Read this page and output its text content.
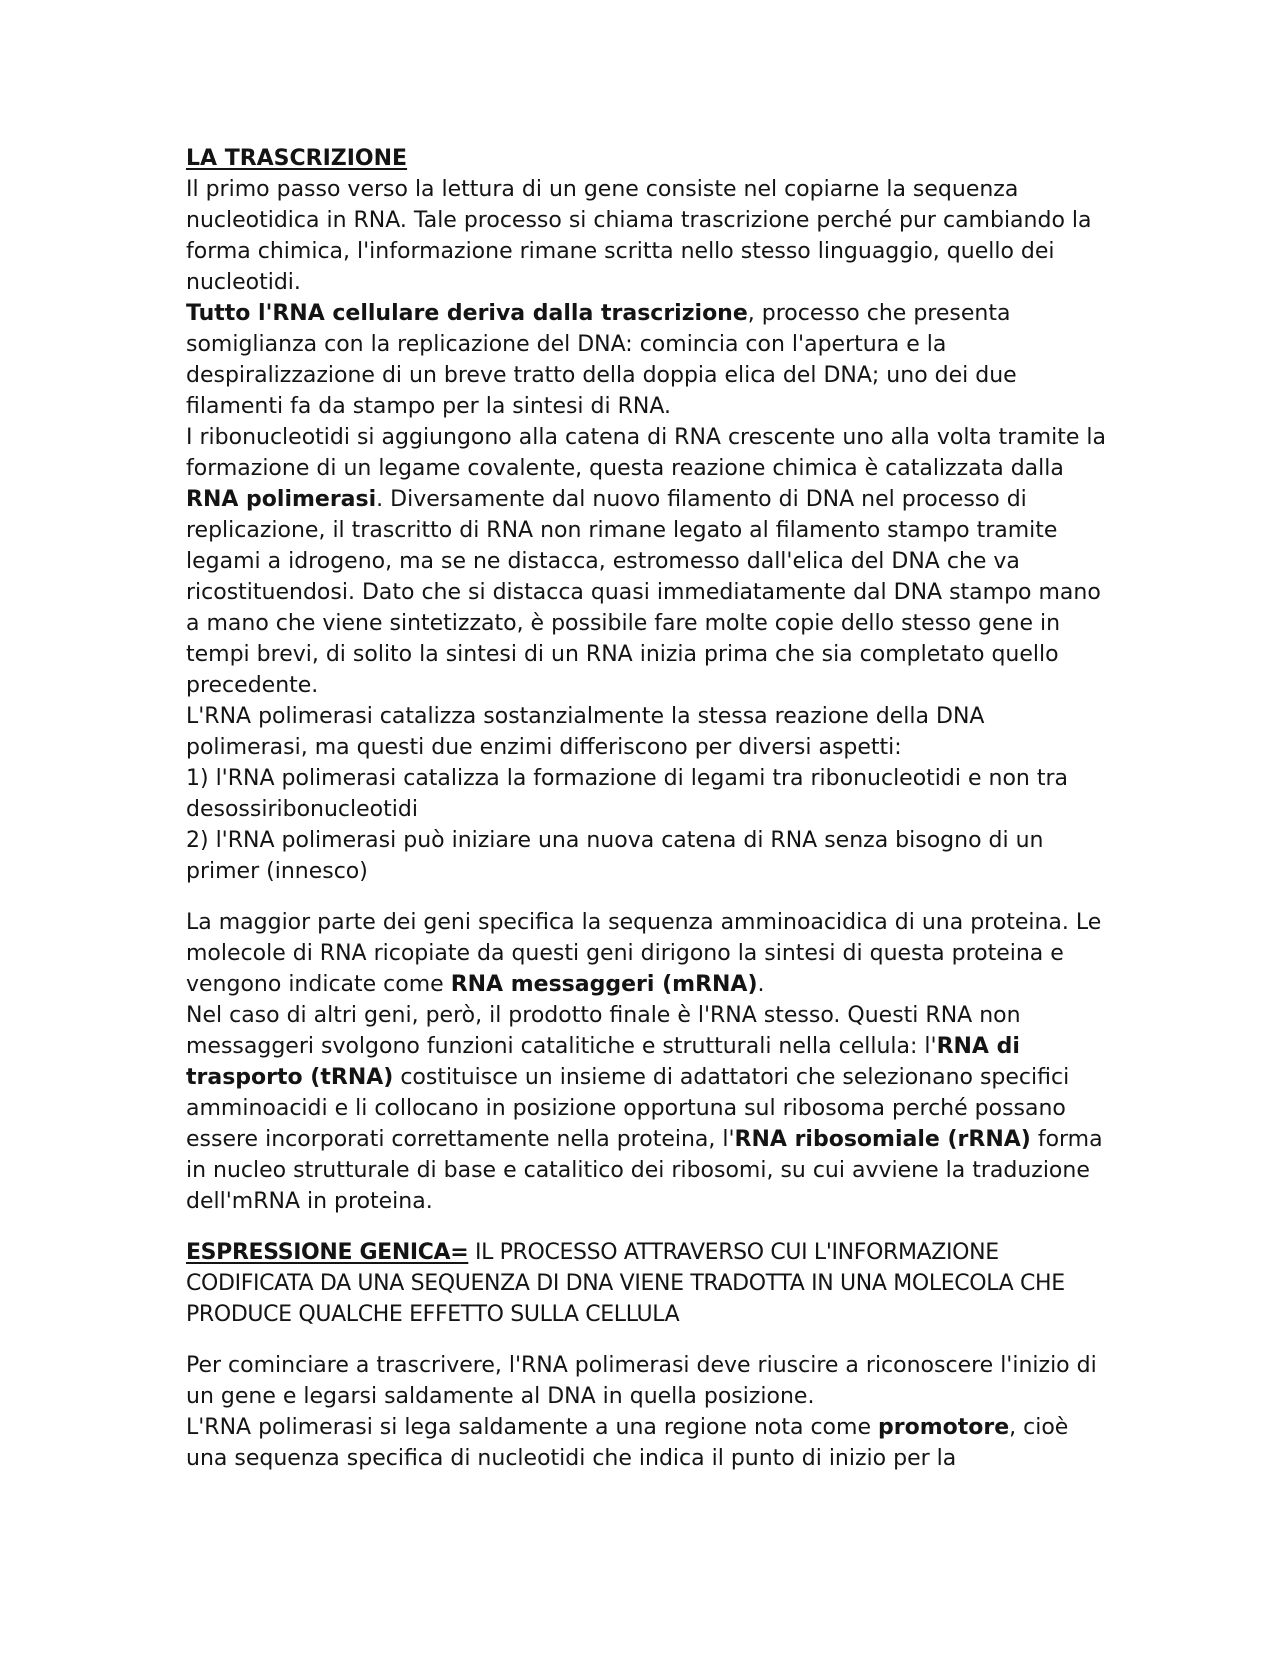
LA TRASCRIZIONE

Il primo passo verso la lettura di un gene consiste nel copiarne la sequenza nucleotidica in RNA. Tale processo si chiama trascrizione perché pur cambiando la forma chimica, l'informazione rimane scritta nello stesso linguaggio, quello dei nucleotidi.

Tutto l'RNA cellulare deriva dalla trascrizione, processo che presenta somiglianza con la replicazione del DNA: comincia con l'apertura e la despiralizzazione di un breve tratto della doppia elica del DNA; uno dei due filamenti fa da stampo per la sintesi di RNA.

I ribonucleotidi si aggiungono alla catena di RNA crescente uno alla volta tramite la formazione di un legame covalente, questa reazione chimica è catalizzata dalla RNA polimerasi. Diversamente dal nuovo filamento di DNA nel processo di replicazione, il trascritto di RNA non rimane legato al filamento stampo tramite legami a idrogeno, ma se ne distacca, estromesso dall'elica del DNA che va ricostituendosi. Dato che si distacca quasi immediatamente dal DNA stampo mano a mano che viene sintetizzato, è possibile fare molte copie dello stesso gene in tempi brevi, di solito la sintesi di un RNA inizia prima che sia completato quello precedente.

L'RNA polimerasi catalizza sostanzialmente la stessa reazione della DNA polimerasi, ma questi due enzimi differiscono per diversi aspetti:

1) l'RNA polimerasi catalizza la formazione di legami tra ribonucleotidi e non tra desossiribonucleotidi

2) l'RNA polimerasi può iniziare una nuova catena di RNA senza bisogno di un primer (innesco)

La maggior parte dei geni specifica la sequenza amminoacidica di una proteina. Le molecole di RNA ricopiate da questi geni dirigono la sintesi di questa proteina e vengono indicate come RNA messaggeri (mRNA).

Nel caso di altri geni, però, il prodotto finale è l'RNA stesso. Questi RNA non messaggeri svolgono funzioni catalitiche e strutturali nella cellula: l'RNA di trasporto (tRNA) costituisce un insieme di adattatori che selezionano specifici amminoacidi e li collocano in posizione opportuna sul ribosoma perché possano essere incorporati correttamente nella proteina, l'RNA ribosomiale (rRNA) forma in nucleo strutturale di base e catalitico dei ribosomi, su cui avviene la traduzione dell'mRNA in proteina.

ESPRESSIONE GENICA= IL PROCESSO ATTRAVERSO CUI L'INFORMAZIONE CODIFICATA DA UNA SEQUENZA DI DNA VIENE TRADOTTA IN UNA MOLECOLA CHE PRODUCE QUALCHE EFFETTO SULLA CELLULA

Per cominciare a trascrivere, l'RNA polimerasi deve riuscire a riconoscere l'inizio di un gene e legarsi saldamente al DNA in quella posizione.

L'RNA polimerasi si lega saldamente a una regione nota come promotore, cioè una sequenza specifica di nucleotidi che indica il punto di inizio per la
